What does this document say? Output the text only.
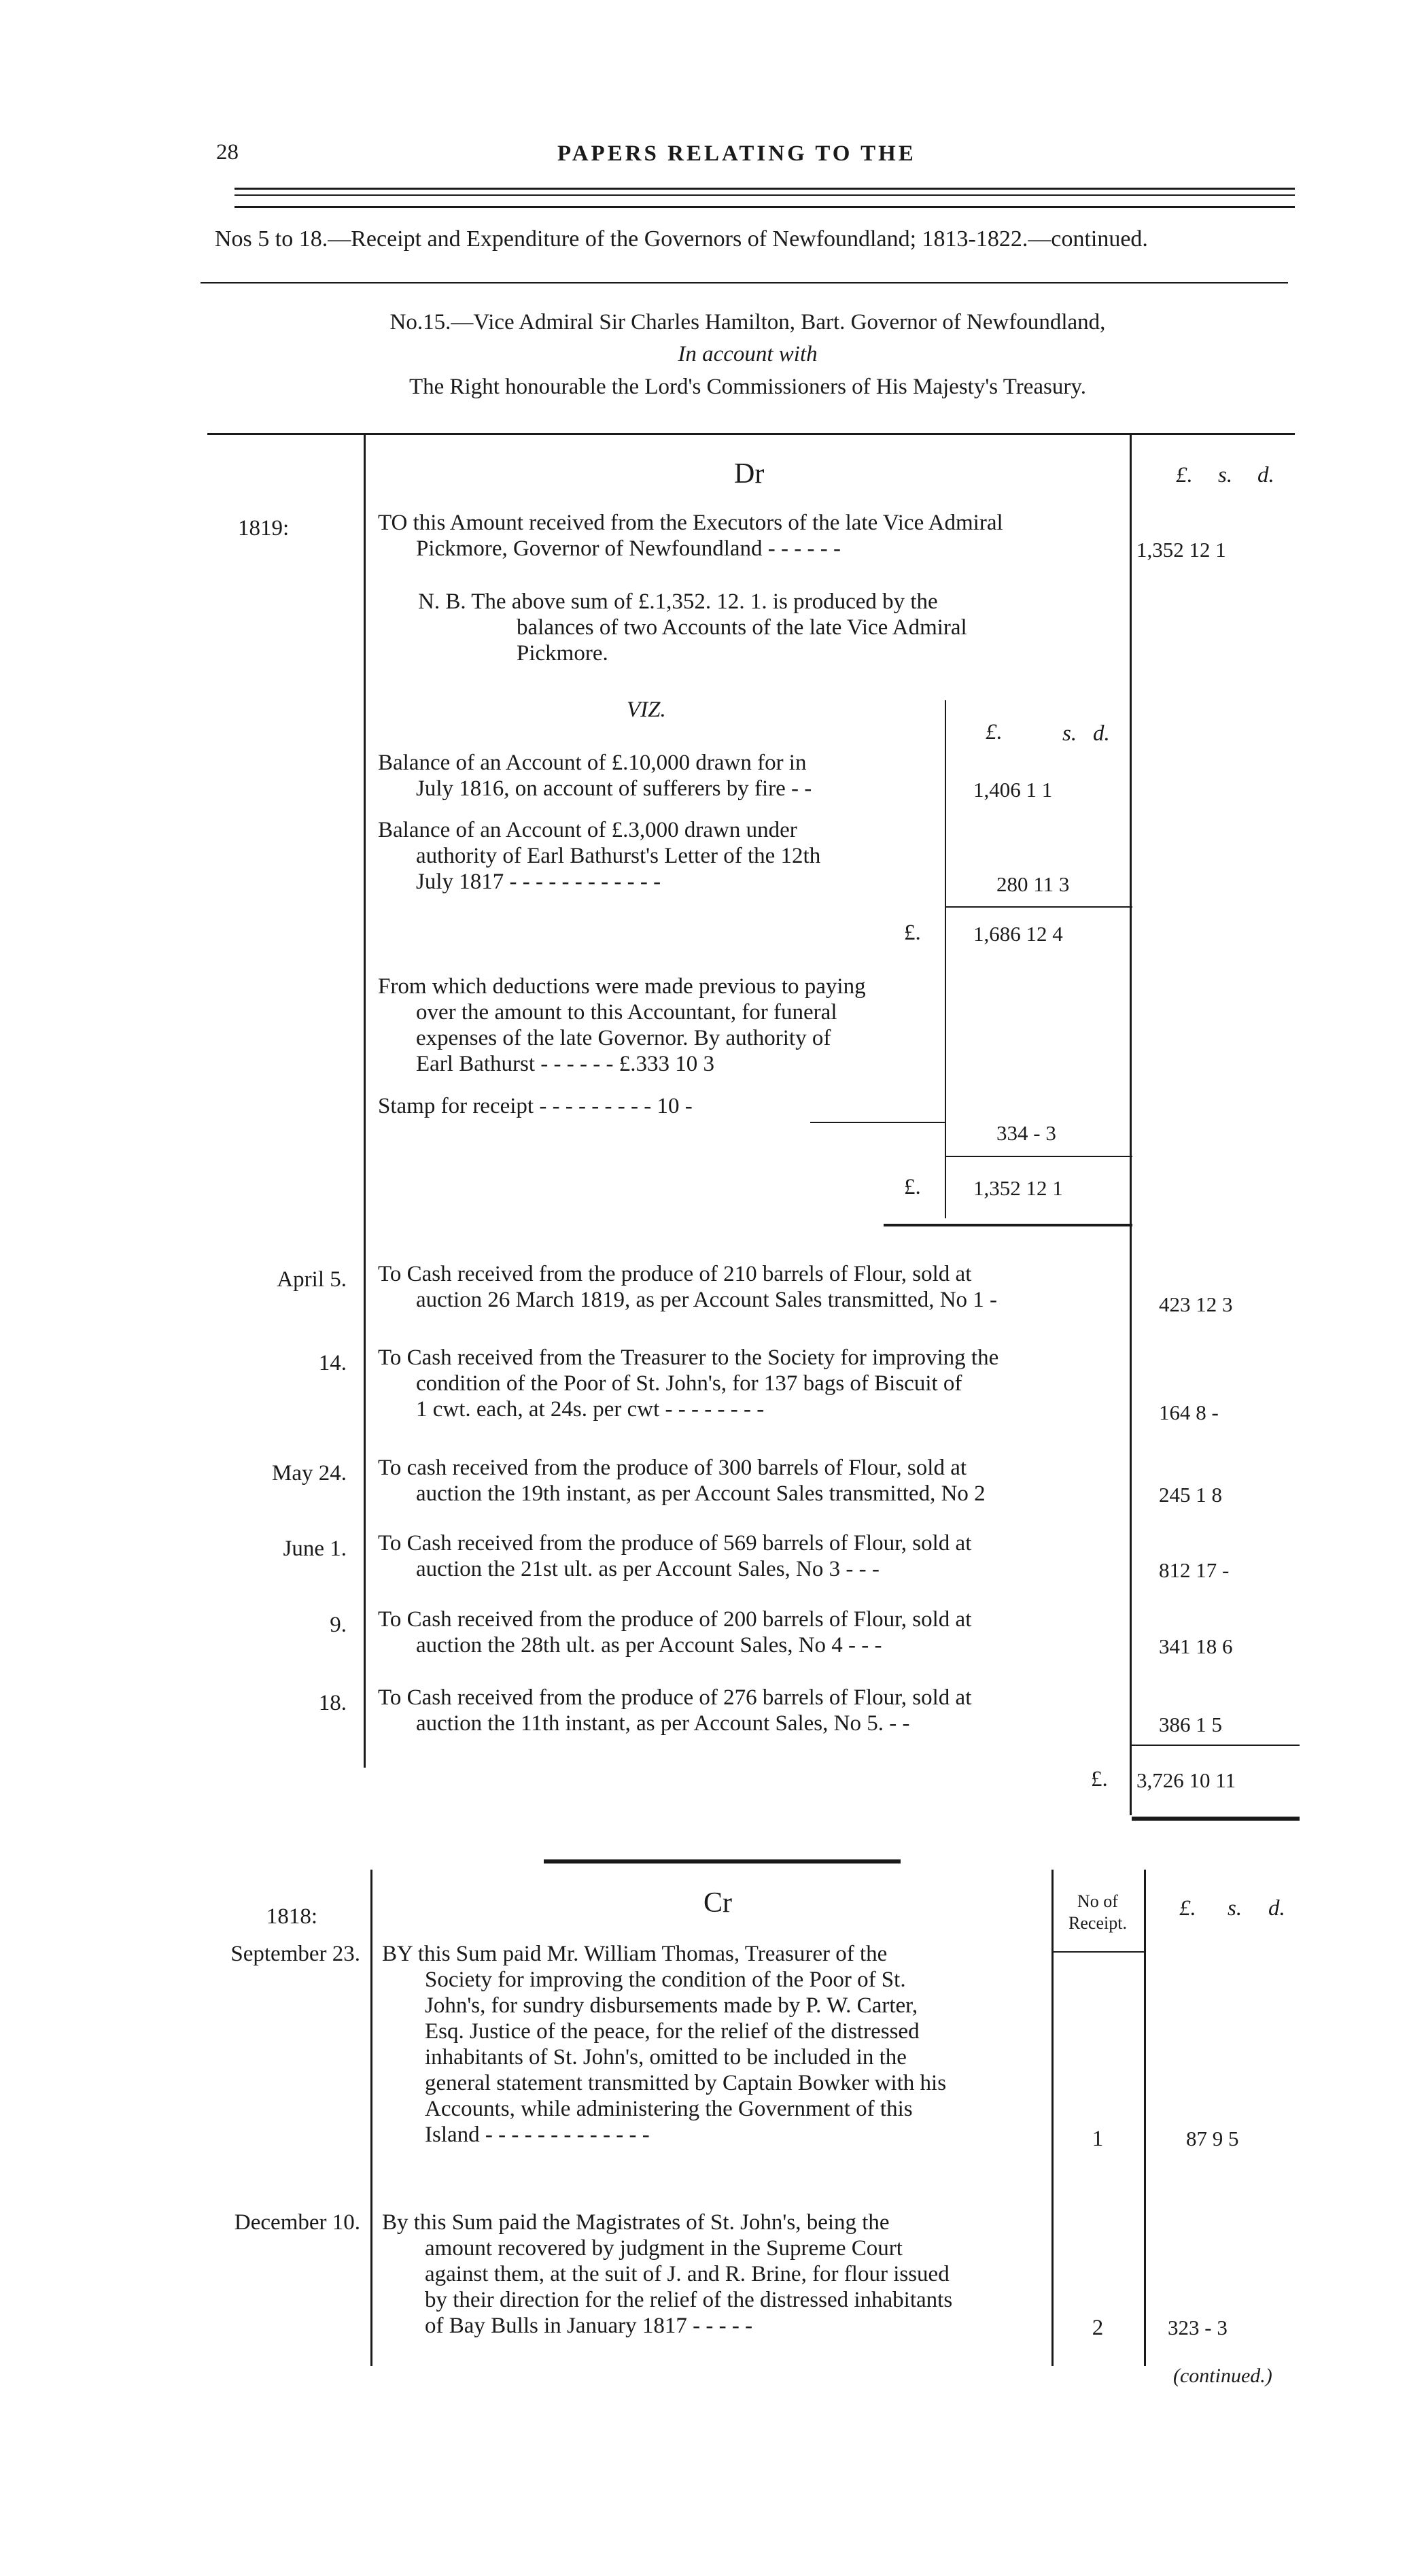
28	PAPERS RELATING TO THE
Nos 5 to 18.—Receipt and Expenditure of the Governors of Newfoundland; 1813-1822.—continued.
No.15.—Vice Admiral Sir Charles Hamilton, Bart. Governor of Newfoundland,
In account with
The Right honourable the Lord's Commissioners of His Majesty's Treasury.
Dr	£. s. d.
1819:	TO this Amount received from the Executors of the late Vice Admiral
Pickmore, Governor of Newfoundland - - - - - -	1,352 12 1
N. B. The above sum of £.1,352. 12. 1. is produced by the
balances of two Accounts of the late Vice Admiral
Pickmore.
VIZ.
£.	s. d.
Balance of an Account of £.10,000 drawn for in
July 1816, on account of sufferers by fire - -	1,406 1 1
Balance of an Account of £.3,000 drawn under
authority of Earl Bathurst's Letter of the 12th
July 1817 - - - - - - - - - - - -	280 11 3
£. 1,686 12 4
From which deductions were made previous to paying
over the amount to this Accountant, for funeral
expenses of the late Governor. By authority of
Earl Bathurst - - - - - - £.333 10 3
Stamp for receipt - - - - - - - - - 10 -
334 - 3
£. 1,352 12 1
April 5. To Cash received from the produce of 210 barrels of Flour, sold at
auction 26 March 1819, as per Account Sales transmitted, No 1 -	423 12 3
14. To Cash received from the Treasurer to the Society for improving the
condition of the Poor of St. John's, for 137 bags of Biscuit of
1 cwt. each, at 24s. per cwt - - - - - - - -	164 8 -
May 24. To cash received from the produce of 300 barrels of Flour, sold at
auction the 19th instant, as per Account Sales transmitted, No 2	245 1 8
June 1. To Cash received from the produce of 569 barrels of Flour, sold at
auction the 21st ult. as per Account Sales, No 3 - - -	812 17 -
9. To Cash received from the produce of 200 barrels of Flour, sold at
auction the 28th ult. as per Account Sales, No 4 - - -	341 18 6
18. To Cash received from the produce of 276 barrels of Flour, sold at
auction the 11th instant, as per Account Sales, No 5. - -	386 1 5
£. 3,726 10 11
Cr	No of
Receipt.
£. s. d.
1818:
September 23. BY this Sum paid Mr. William Thomas, Treasurer of the
Society for improving the condition of the Poor of St.
John's, for sundry disbursements made by P. W. Carter,
Esq. Justice of the peace, for the relief of the distressed
inhabitants of St. John's, omitted to be included in the
general statement transmitted by Captain Bowker with his
Accounts, while administering the Government of this
Island - - - - - - - - - - - - -	1	87 9 5
December 10. By this Sum paid the Magistrates of St. John's, being the
amount recovered by judgment in the Supreme Court
against them, at the suit of J. and R. Brine, for flour issued
by their direction for the relief of the distressed inhabitants
of Bay Bulls in January 1817 - - - - -	2	323 - 3
(continued.)
